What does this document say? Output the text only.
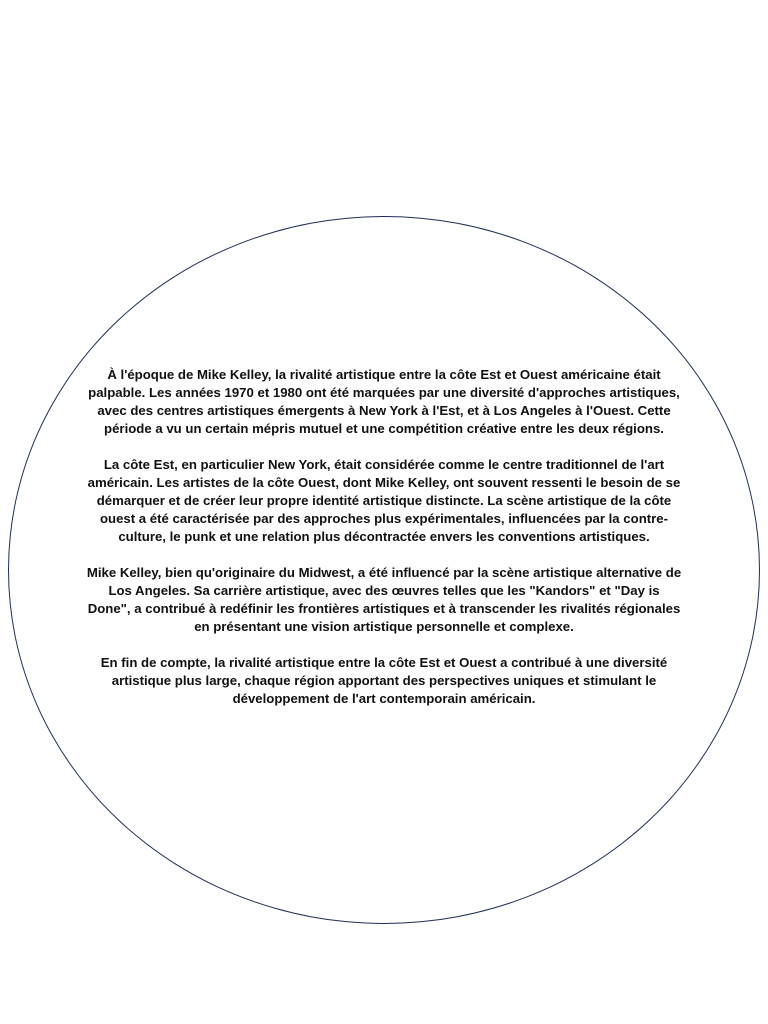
À l'époque de Mike Kelley, la rivalité artistique entre la côte Est et Ouest américaine était palpable. Les années 1970 et 1980 ont été marquées par une diversité d'approches artistiques, avec des centres artistiques émergents à New York à l'Est, et à Los Angeles à l'Ouest. Cette période a vu un certain mépris mutuel et une compétition créative entre les deux régions.

La côte Est, en particulier New York, était considérée comme le centre traditionnel de l'art américain. Les artistes de la côte Ouest, dont Mike Kelley, ont souvent ressenti le besoin de se démarquer et de créer leur propre identité artistique distincte. La scène artistique de la côte ouest a été caractérisée par des approches plus expérimentales, influencées par la contre-culture, le punk et une relation plus décontractée envers les conventions artistiques.

Mike Kelley, bien qu'originaire du Midwest, a été influencé par la scène artistique alternative de Los Angeles. Sa carrière artistique, avec des œuvres telles que les "Kandors" et "Day is Done", a contribué à redéfinir les frontières artistiques et à transcender les rivalités régionales en présentant une vision artistique personnelle et complexe.

En fin de compte, la rivalité artistique entre la côte Est et Ouest a contribué à une diversité artistique plus large, chaque région apportant des perspectives uniques et stimulant le développement de l'art contemporain américain.
